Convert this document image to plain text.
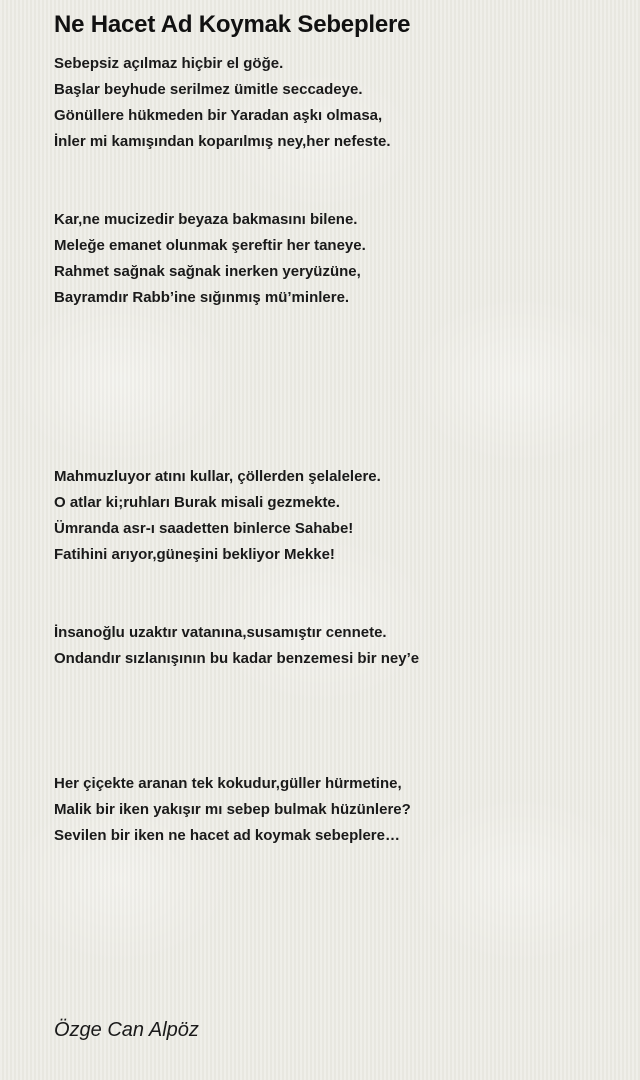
Ne Hacet Ad Koymak Sebeplere
Sebepsiz açılmaz hiçbir el göğe.
Başlar beyhude serilmez ümitle seccadeye.
Gönüllere hükmeden bir Yaradan aşkı olmasa,
İnler mi kamışından koparılmış ney,her nefeste.
Kar,ne mucizedir beyaza bakmasını bilene.
Meleğe emanet olunmak şereftir her taneye.
Rahmet sağnak sağnak inerken yeryüzüne,
Bayramdır Rabb’ine sığınmış mü’minlere.
Mahmuzluyor atını kullar, çöllerden şelalelere.
O atlar ki;ruhları Burak misali gezmekte.
Ümranda asr-ı saadetten binlerce Sahabe!
Fatihini arıyor,güneşini bekliyor Mekke!
İnsanoğlu uzaktır vatanına,susamıştır cennete.
Ondandır sızlanışının bu kadar benzemesi bir ney’e
Her çiçekte aranan tek kokudur,güller hürmetine,
Malik bir iken yakışır mı sebep bulmak hüzünlere?
Sevilen bir iken ne hacet ad koymak sebeplere…

Özge Can Alpöz
